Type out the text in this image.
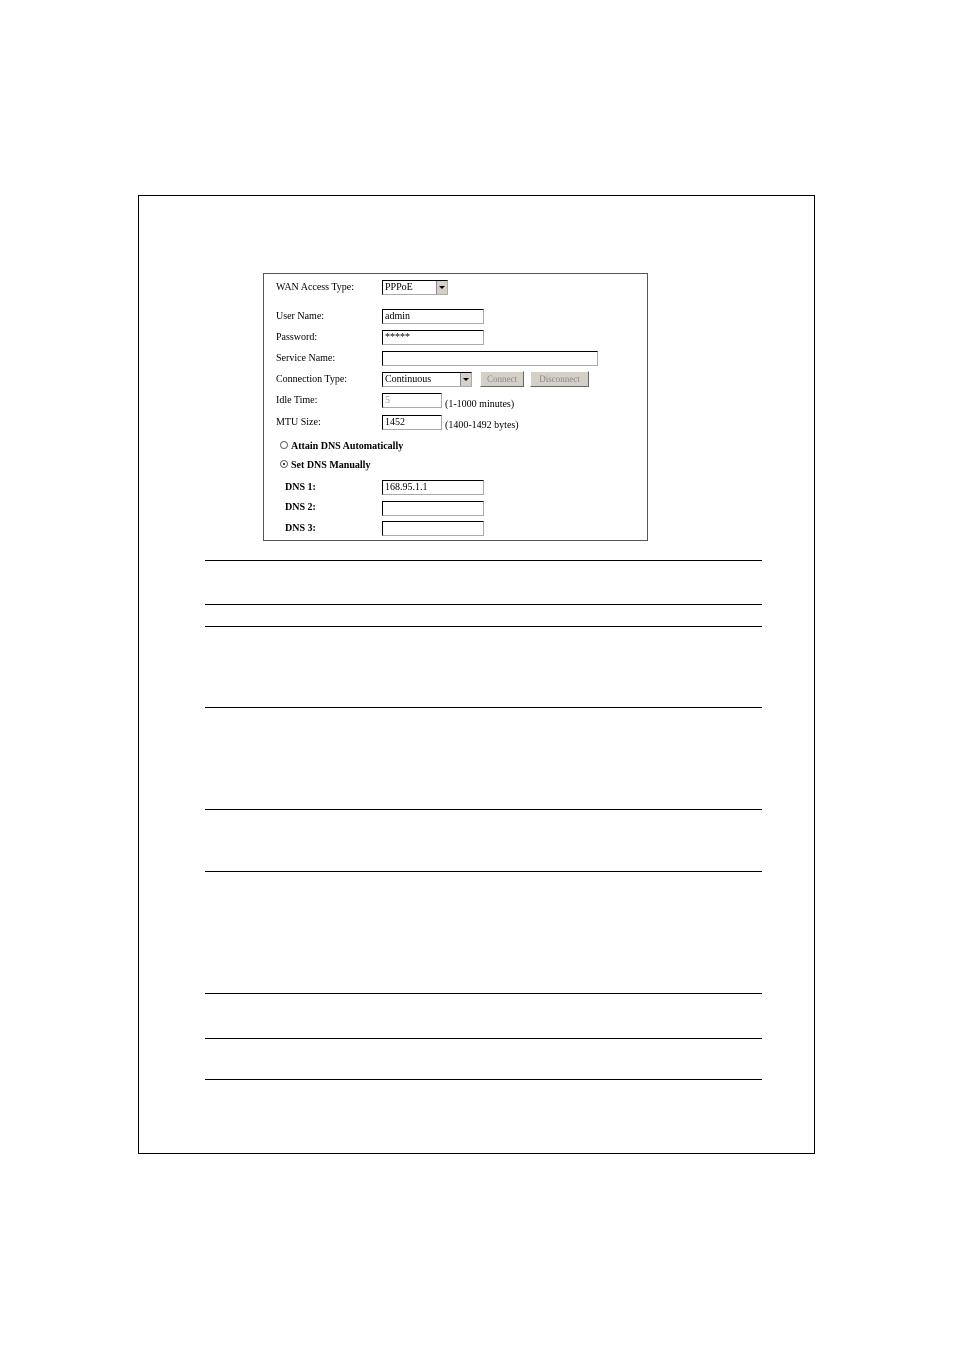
WAN Access Type:	PPPoE
User Name:	admin
Password:	*****
Service Name:
Connection Type:	Continuous	Connect	Disconnect
Idle Time:	5	(1-1000 minutes)
MTU Size:	1452	(1400-1492 bytes)
Attain DNS Automatically
Set DNS Manually
DNS 1:	168.95.1.1
DNS 2:
DNS 3:
